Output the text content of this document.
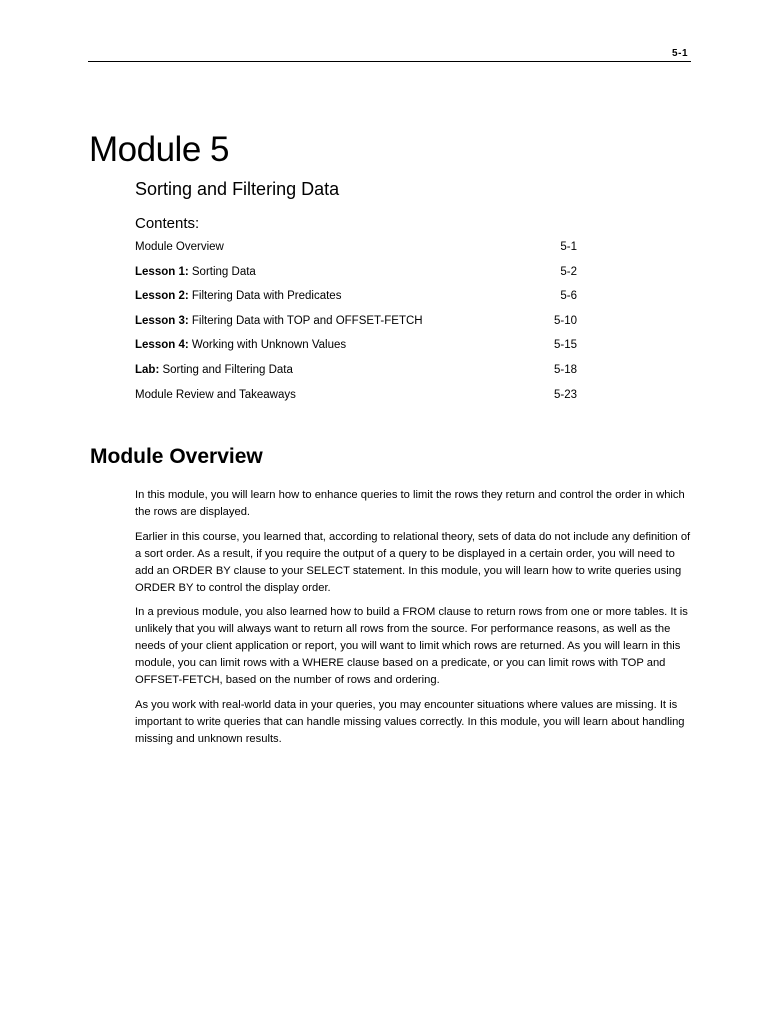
5-1
Module 5
Sorting and Filtering Data
Contents:
Module Overview	5-1
Lesson 1: Sorting Data	5-2
Lesson 2: Filtering Data with Predicates	5-6
Lesson 3: Filtering Data with TOP and OFFSET-FETCH	5-10
Lesson 4: Working with Unknown Values	5-15
Lab: Sorting and Filtering Data	5-18
Module Review and Takeaways	5-23
Module Overview

In this module, you will learn how to enhance queries to limit the rows they return and control the order in which the rows are displayed.

Earlier in this course, you learned that, according to relational theory, sets of data do not include any definition of a sort order. As a result, if you require the output of a query to be displayed in a certain order, you will need to add an ORDER BY clause to your SELECT statement. In this module, you will learn how to write queries using ORDER BY to control the display order.

In a previous module, you also learned how to build a FROM clause to return rows from one or more tables. It is unlikely that you will always want to return all rows from the source. For performance reasons, as well as the needs of your client application or report, you will want to limit which rows are returned. As you will learn in this module, you can limit rows with a WHERE clause based on a predicate, or you can limit rows with TOP and OFFSET-FETCH, based on the number of rows and ordering.

As you work with real-world data in your queries, you may encounter situations where values are missing. It is important to write queries that can handle missing values correctly. In this module, you will learn about handling missing and unknown results.
